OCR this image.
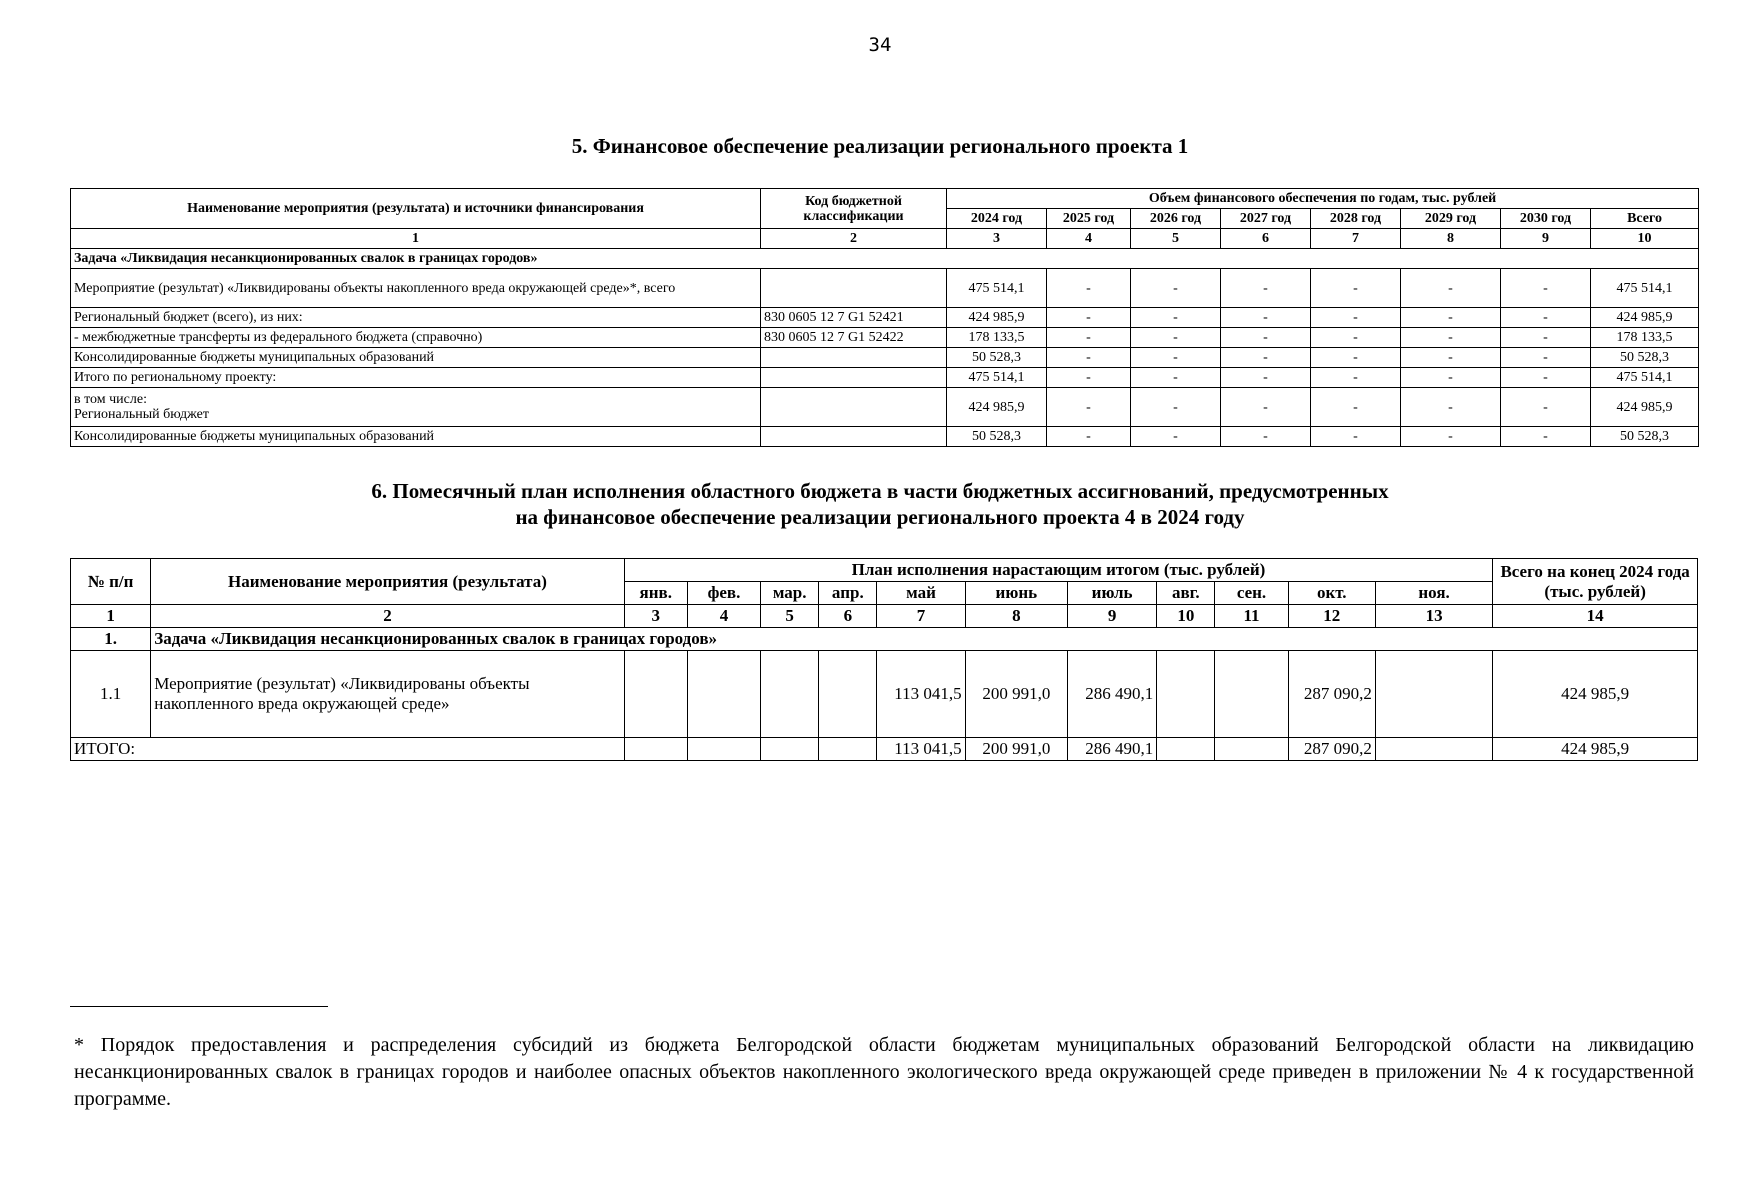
34
5. Финансовое обеспечение реализации регионального проекта 1
Наименование мероприятия (результата) и источники финансирования	Код бюджетной классификации	Объем финансового обеспечения по годам, тыс. рублей							
		2024 год	2025 год	2026 год	2027 год	2028 год	2029 год	2030 год	Всего
1	2	3	4	5	6	7	8	9	10
Задача «Ликвидация несанкционированных свалок в границах городов»									
Мероприятие (результат) «Ликвидированы объекты накопленного вреда окружающей среде»*, всего		475 514,1	-	-	-	-	-	-	475 514,1
Региональный бюджет (всего), из них:	830 0605 12 7 G1 52421	424 985,9	-	-	-	-	-	-	424 985,9
- межбюджетные трансферты из федерального бюджета (справочно)	830 0605 12 7 G1 52422	178 133,5	-	-	-	-	-	-	178 133,5
Консолидированные бюджеты муниципальных образований		50 528,3	-	-	-	-	-	-	50 528,3
Итого по региональному проекту:		475 514,1	-	-	-	-	-	-	475 514,1

в том числе:
Региональный бюджет		424 985,9	-	-	-	-	-	-	424 985,9
Консолидированные бюджеты муниципальных образований		50 528,3	-	-	-	-	-	-	50 528,3
6. Помесячный план исполнения областного бюджета в части бюджетных ассигнований, предусмотренных
на финансовое обеспечение реализации регионального проекта 4 в 2024 году
№ п/п	Наименование мероприятия (результата)	План исполнения нарастающим итогом (тыс. рублей)											Всего на конец 2024 года (тыс. рублей)
		янв.	фев.	мар.	апр.	май	июнь	июль	авг.	сен.	окт.	ноя.	
1	2	3	4	5	6	7	8	9	10	11	12	13	14
1.	Задача «Ликвидация несанкционированных свалок в границах городов»												
1.1	Мероприятие (результат) «Ликвидированы объекты накопленного вреда окружающей среде»					113 041,5	200 991,0	286 490,1			287 090,2		424 985,9
ИТОГО:						113 041,5	200 991,0	286 490,1			287 090,2		424 985,9
* Порядок предоставления и распределения субсидий из бюджета Белгородской области бюджетам муниципальных образований Белгородской области на ликвидацию несанкционированных свалок в границах городов и наиболее опасных объектов накопленного экологического вреда окружающей среде приведен в приложении № 4 к государственной программе.
